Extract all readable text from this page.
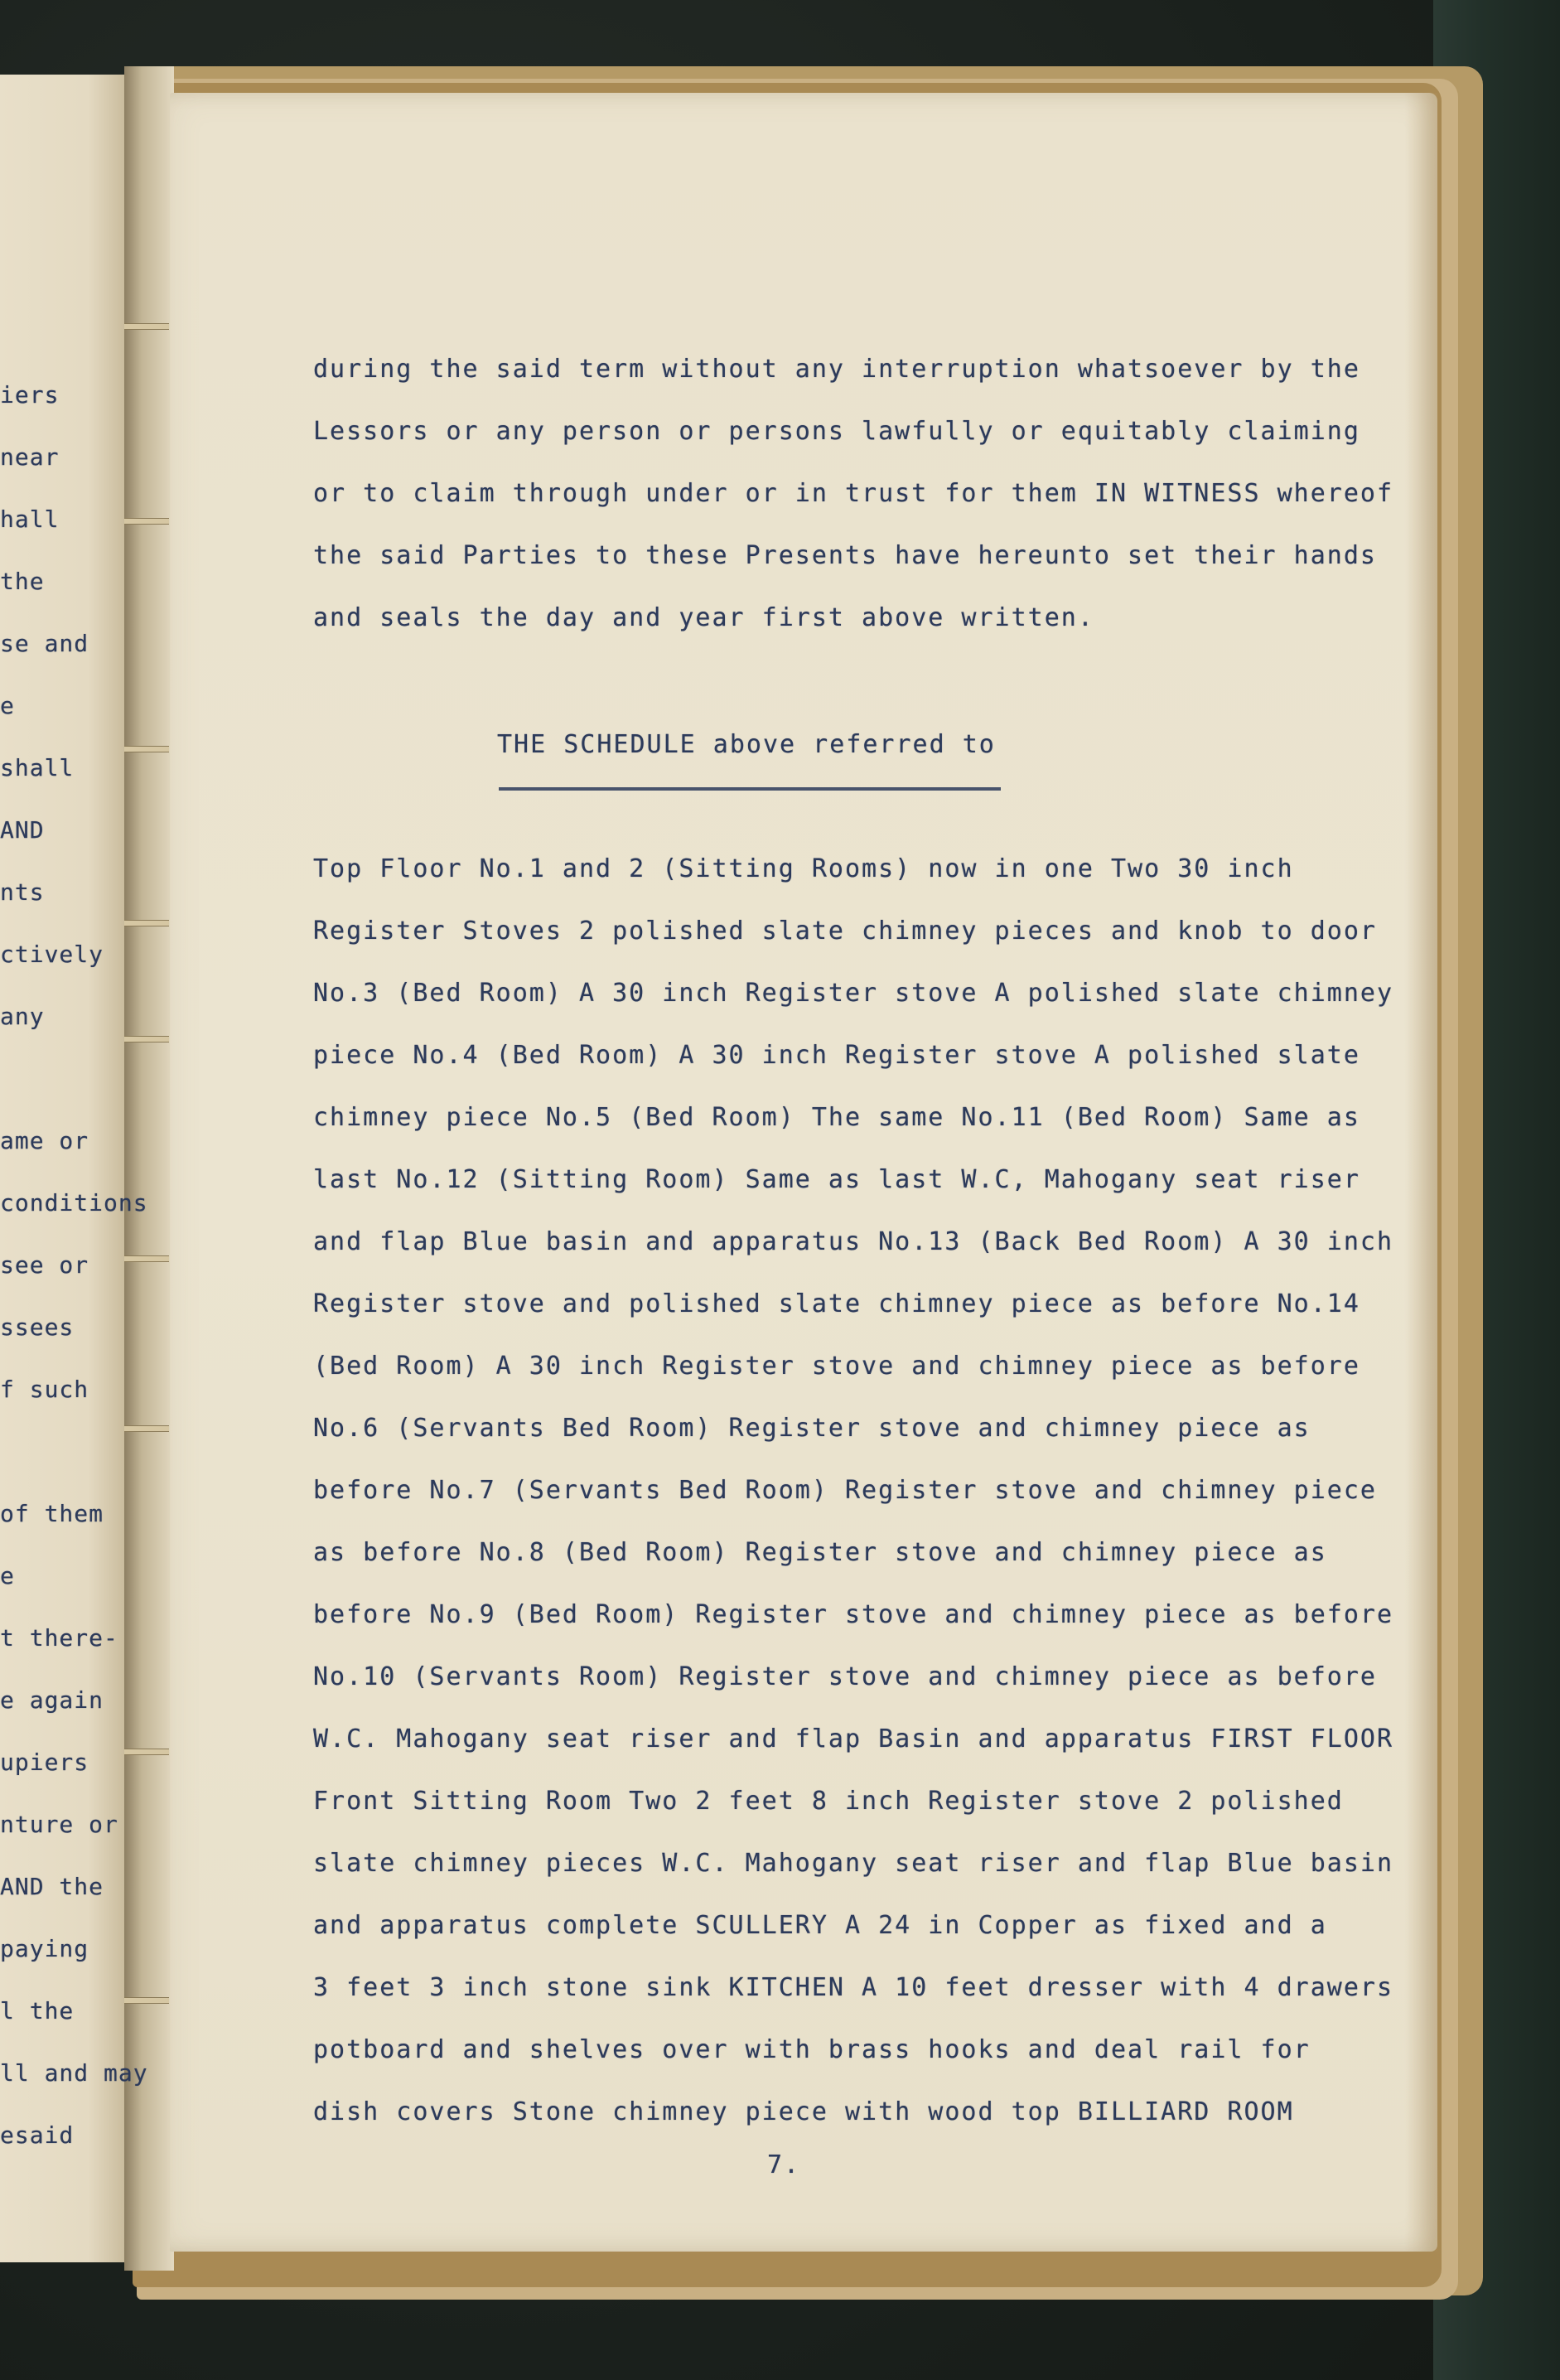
iers
near
hall
the
se and
e
shall
AND
nts
ctively
any
ame or
conditions
see or
ssees
f such
of them
e
t there-
e again
upiers
nture or
AND the
paying
l the
ll and may
esaid
during the said term without any interruption whatsoever by the
Lessors or any person or persons lawfully or equitably claiming
or to claim through under or in trust for them IN WITNESS whereof
the said Parties to these Presents have hereunto set their hands
and seals the day and year first above written.
THE SCHEDULE above referred to
Top Floor No.1 and 2 (Sitting Rooms) now in one Two 30 inch
Register Stoves 2 polished slate chimney pieces and knob to door
No.3 (Bed Room) A 30 inch Register stove A polished slate chimney
piece No.4 (Bed Room) A 30 inch Register stove A polished slate
chimney piece No.5 (Bed Room) The same No.11 (Bed Room) Same as
last No.12 (Sitting Room) Same as last W.C, Mahogany seat riser
and flap Blue basin and apparatus No.13 (Back Bed Room) A 30 inch
Register stove and polished slate chimney piece as before No.14
(Bed Room) A 30 inch Register stove and chimney piece as before
No.6 (Servants Bed Room) Register stove and chimney piece as
before No.7 (Servants Bed Room) Register stove and chimney piece
as before No.8 (Bed Room) Register stove and chimney piece as
before No.9 (Bed Room) Register stove and chimney piece as before
No.10 (Servants Room) Register stove and chimney piece as before
W.C. Mahogany seat riser and flap Basin and apparatus FIRST FLOOR
Front Sitting Room Two 2 feet 8 inch Register stove 2 polished
slate chimney pieces W.C. Mahogany seat riser and flap Blue basin
and apparatus complete SCULLERY A 24 in Copper as fixed and a
3 feet 3 inch stone sink KITCHEN A 10 feet dresser with 4 drawers
potboard and shelves over with brass hooks and deal rail for
dish covers Stone chimney piece with wood top BILLIARD ROOM
7.
